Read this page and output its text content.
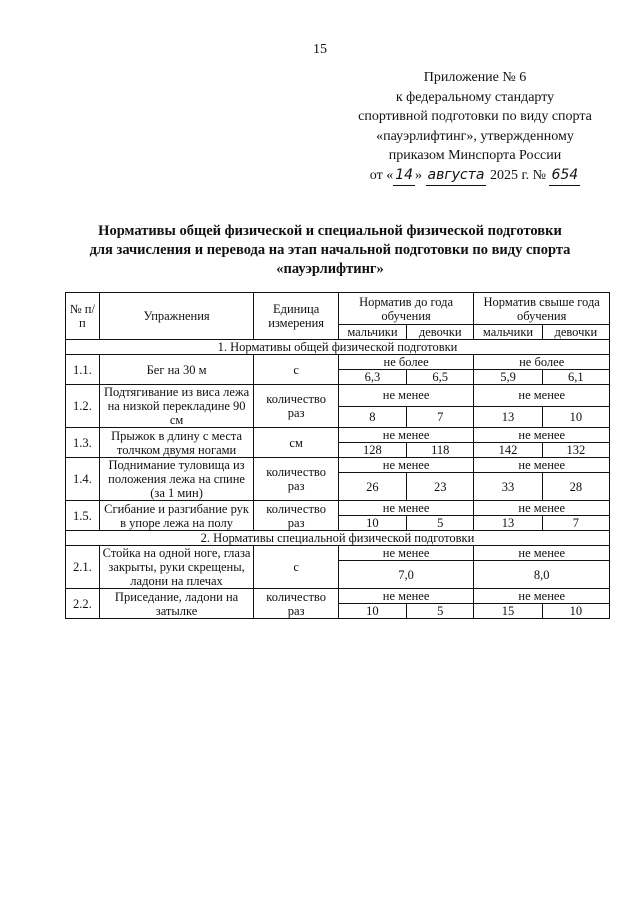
15
Приложение № 6
к федеральному стандарту
спортивной подготовки по виду спорта
«пауэрлифтинг», утвержденному
приказом Минспорта России
от « 14 » августа 2025 г. № 654
Нормативы общей физической и специальной физической подготовки
для зачисления и перевода на этап начальной подготовки по виду спорта
«пауэрлифтинг»
№ п/п	Упражнения	Единица измерения	Норматив до года обучения		Норматив свыше года обучения	
			мальчики	девочки	мальчики	девочки
1. Нормативы общей физической подготовки						
1.1.	Бег на 30 м	с	не более		не более	
			6,3	6,5	5,9	6,1
1.2.	Подтягивание из виса лежа на низкой перекладине 90 см	количество раз	не менее		не менее	
			8	7	13	10
1.3.	Прыжок в длину с места толчком двумя ногами	см	не менее		не менее	
			128	118	142	132
1.4.	Поднимание туловища из положения лежа на спине (за 1 мин)	количество раз	не менее		не менее	
			26	23	33	28
1.5.	Сгибание и разгибание рук в упоре лежа на полу	количество раз	не менее		не менее	
			10	5	13	7
2. Нормативы специальной физической подготовки						
2.1.	Стойка на одной ноге, глаза закрыты, руки скрещены, ладони на плечах	с	не менее		не менее	
			7,0		8,0	
2.2.	Приседание, ладони на затылке	количество раз	не менее		не менее	
			10	5	15	10
